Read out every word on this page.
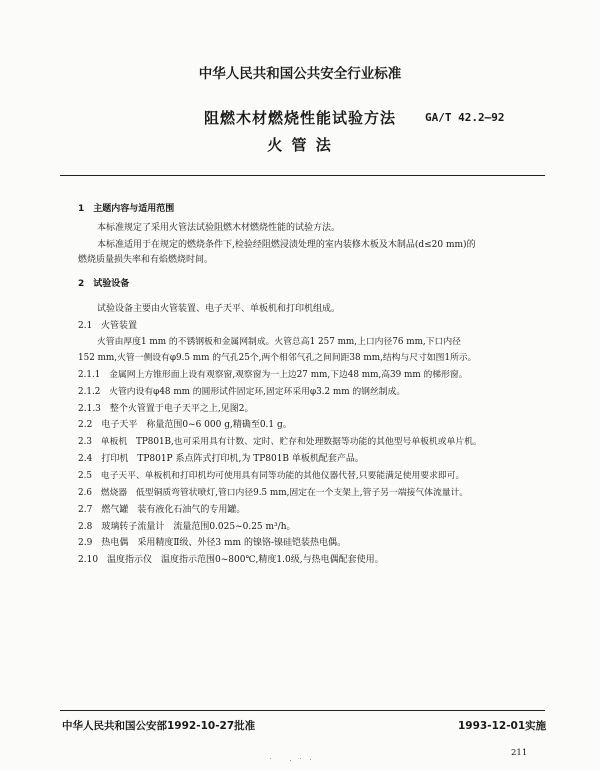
中华人民共和国公共安全行业标准
阻燃木材燃烧性能试验方法	GA/T 42.2—92
火 管 法
1　主题内容与适用范围
本标准规定了采用火管法试验阻燃木材燃烧性能的试验方法。
本标准适用于在规定的燃烧条件下,检验经阻燃浸渍处理的室内装修木板及木制品(d≤20 mm)的
燃烧质量损失率和有焰燃烧时间。
2　试验设备
试验设备主要由火管装置、电子天平、单板机和打印机组成。
2.1 火管装置
火管由厚度1 mm 的不锈钢板和金属网制成。火管总高1 257 mm,上口内径76 mm,下口内径
152 mm,火管一侧设有φ9.5 mm 的气孔25个,两个相邻气孔之间间距38 mm,结构与尺寸如图1所示。
2.1.1　金属网上方锥形面上设有观察窗,观察窗为一上边27 mm,下边48 mm,高39 mm 的梯形窗。
2.1.2　火管内设有φ48 mm 的圆形试件固定环,固定环采用φ3.2 mm 的钢丝制成。
2.1.3　整个火管置于电子天平之上,见图2。
2.2　电子天平　称量范围0~6 000 g,精确至0.1 g。
2.3　单板机　TP801B,也可采用具有计数、定时、贮存和处理数据等功能的其他型号单板机或单片机。
2.4　打印机　TP801P 系点阵式打印机,为 TP801B 单板机配套产品。
2.5　电子天平、单板机和打印机均可使用具有同等功能的其他仪器代替,只要能满足使用要求即可。
2.6　燃烧器　低型铜质弯管状喷灯,管口内径9.5 mm,固定在一个支架上,管子另一端接气体流量计。
2.7　燃气罐　装有液化石油气的专用罐。
2.8　玻璃转子流量计　流量范围0.025~0.25 m³/h。
2.9　热电偶　采用精度Ⅱ级、外径3 mm 的镍铬-镍硅铠装热电偶。
2.10　温度指示仪　温度指示范围0~800℃,精度1.0级,与热电偶配套使用。
中华人民共和国公安部1992-10-27批准	1993-12-01实施
211
